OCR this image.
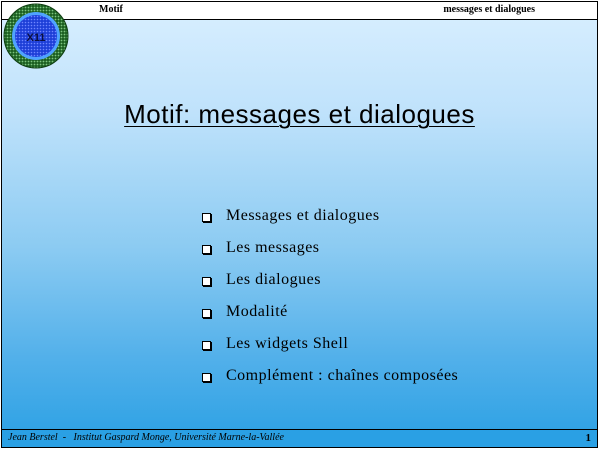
Motif	messages et dialogues
X11
Motif: messages et dialogues
Messages et dialogues
Les messages
Les dialogues
Modalité
Les widgets Shell
Complément : chaînes composées
Jean Berstel  -   Institut Gaspard Monge, Université Marne-la-Vallée	1
